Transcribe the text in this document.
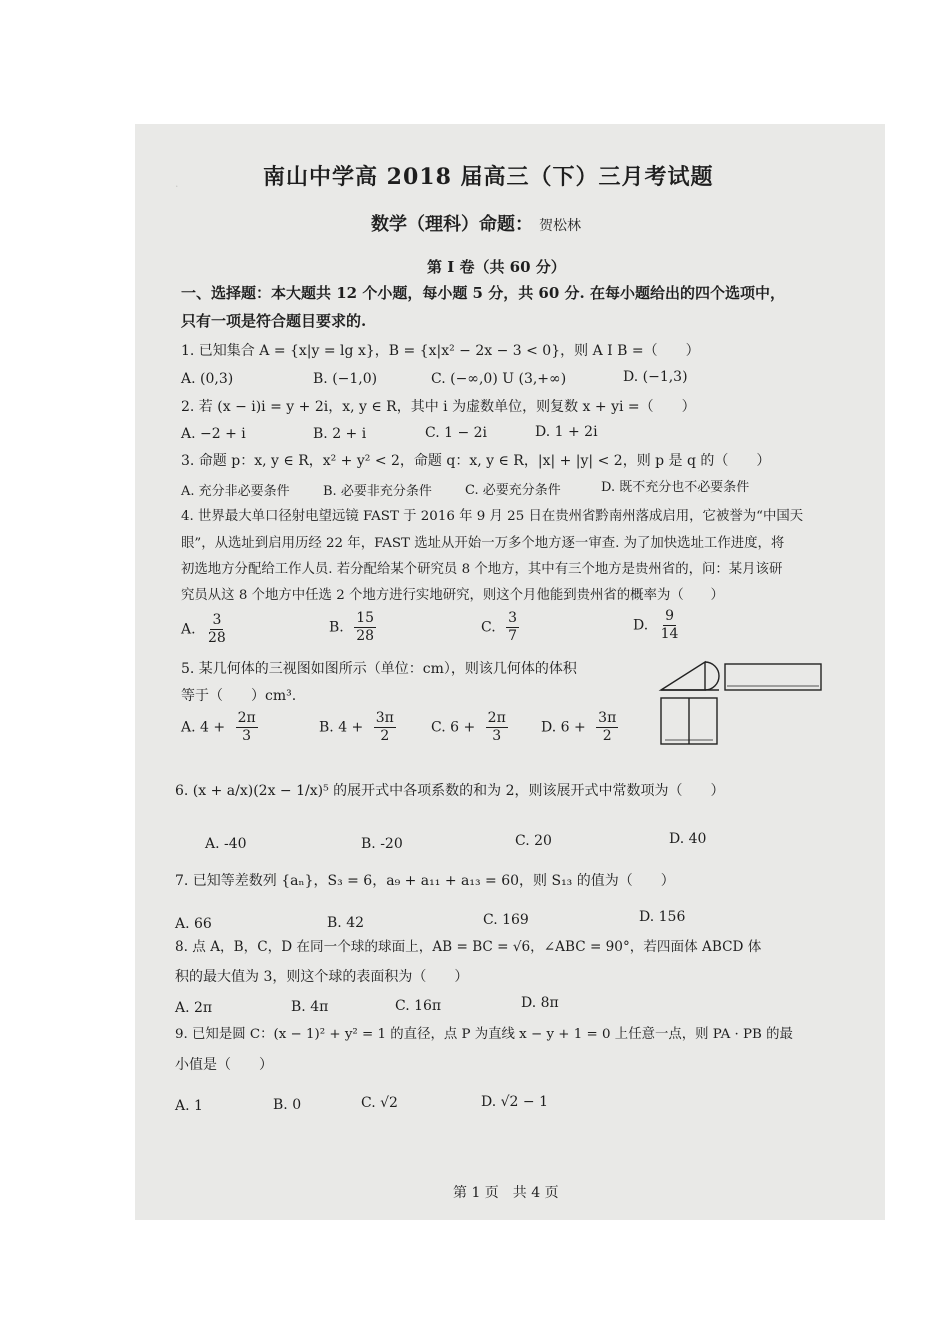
·	南山中学高 2018 届高三（下）三月考试题
数学（理科）命题： 贺松林
第 I 卷（共 60 分）
一、选择题：本大题共 12 个小题，每小题 5 分，共 60 分. 在每小题给出的四个选项中，
只有一项是符合题目要求的.
1. 已知集合 A = {x|y = lg x}，B = {x|x² − 2x − 3 < 0}，则 A I B =（　　）
A. (0,3)	B. (−1,0)	C. (−∞,0) U (3,+∞)	D. (−1,3)
2. 若 (x − i)i = y + 2i，x, y ∈ R，其中 i 为虚数单位，则复数 x + yi =（　　）
A. −2 + i	B. 2 + i	C. 1 − 2i	D. 1 + 2i
3. 命题 p：x, y ∈ R，x² + y² < 2，命题 q：x, y ∈ R，|x| + |y| < 2，则 p 是 q 的（　　）
A. 充分非必要条件	B. 必要非充分条件	C. 必要充分条件	D. 既不充分也不必要条件
4. 世界最大单口径射电望远镜 FAST 于 2016 年 9 月 25 日在贵州省黔南州落成启用，它被誉为“中国天
眼”，从选址到启用历经 22 年，FAST 选址从开始一万多个地方逐一审查. 为了加快选址工作进度，将
初选地方分配给工作人员. 若分配给某个研究员 8 个地方，其中有三个地方是贵州省的，问：某月该研
究员从这 8 个地方中任选 2 个地方进行实地研究，则这个月他能到贵州省的概率为（　　）
A. $\frac{3}{28}$	B. $\frac{15}{28}$	C. $\frac{3}{7}$	D. $\frac{9}{14}$
5. 某几何体的三视图如图所示（单位：cm），则该几何体的体积
等于（　　）cm³.
A. $4 + \frac{2\pi}{3}$	B. $4 + \frac{3\pi}{2}$	C. $6 + \frac{2\pi}{3} D$. $6 + \frac{3\pi}{2}$
6. (x + a/x)(2x − 1/x)⁵ 的展开式中各项系数的和为 2，则该展开式中常数项为（　　）
A. -40	B. -20	C. 20	D. 40
7. 已知等差数列 {aₙ}，S₃ = 6，a₉ + a₁₁ + a₁₃ = 60，则 S₁₃ 的值为（　　）
A. 66	B. 42	C. 169	D. 156
8. 点 A，B，C，D 在同一个球的球面上，AB = BC = √6，∠ABC = 90°，若四面体 ABCD 体
积的最大值为 3，则这个球的表面积为（　　）
A. 2π	B. 4π	C. 16π	D. 8π
9. 已知是圆 C：(x − 1)² + y² = 1 的直径，点 P 为直线 x − y + 1 = 0 上任意一点，则 PA · PB 的最
小值是（　　）
A. 1	B. 0	C. √2	D. √2 − 1
第 1 页　共 4 页
